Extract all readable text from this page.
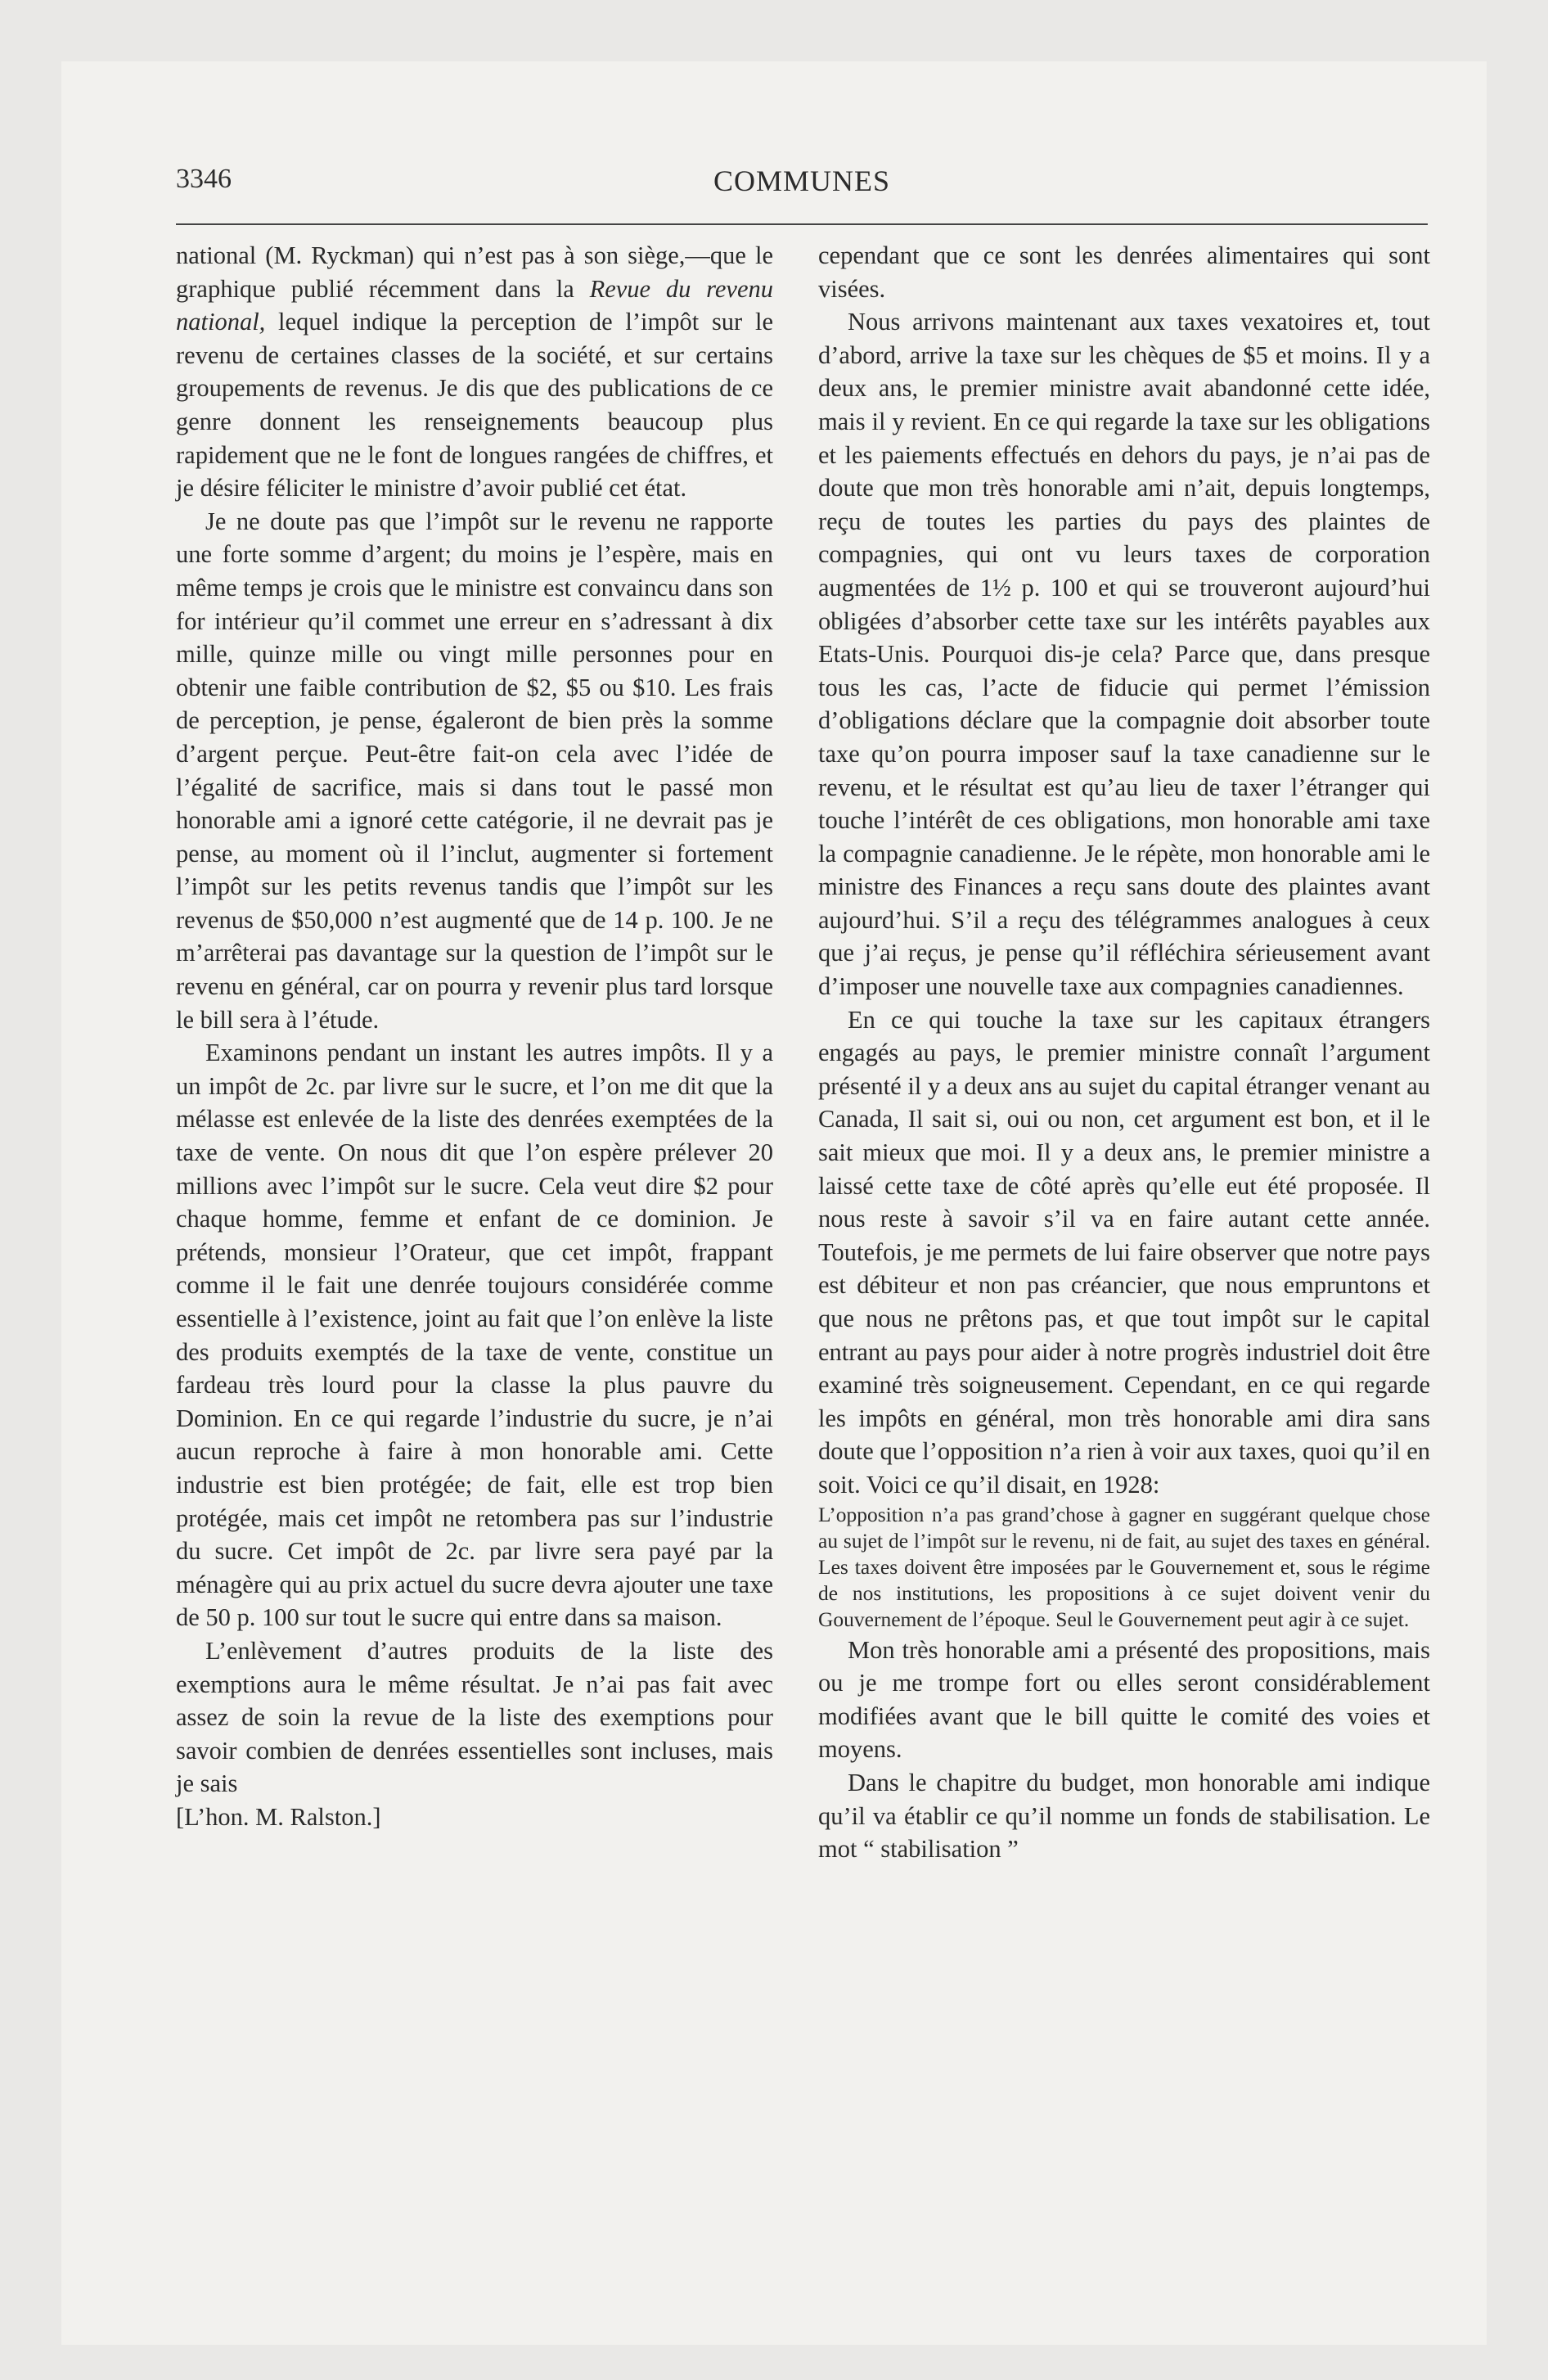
3346	COMMUNES

national (M. Ryckman) qui n’est pas à son siège,—que le graphique publié récemment dans la Revue du revenu national, lequel indique la perception de l’impôt sur le revenu de certaines classes de la société, et sur certains groupements de revenus. Je dis que des publications de ce genre donnent les renseignements beaucoup plus rapidement que ne le font de longues rangées de chiffres, et je désire féliciter le ministre d’avoir publié cet état.

Je ne doute pas que l’impôt sur le revenu ne rapporte une forte somme d’argent; du moins je l’espère, mais en même temps je crois que le ministre est convaincu dans son for intérieur qu’il commet une erreur en s’adressant à dix mille, quinze mille ou vingt mille personnes pour en obtenir une faible contribution de $2, $5 ou $10. Les frais de perception, je pense, égaleront de bien près la somme d’argent perçue. Peut-être fait-on cela avec l’idée de l’égalité de sacrifice, mais si dans tout le passé mon honorable ami a ignoré cette catégorie, il ne devrait pas je pense, au moment où il l’inclut, augmenter si fortement l’impôt sur les petits revenus tandis que l’impôt sur les revenus de $50,000 n’est augmenté que de 14 p. 100. Je ne m’arrêterai pas davantage sur la question de l’impôt sur le revenu en général, car on pourra y revenir plus tard lorsque le bill sera à l’étude.

Examinons pendant un instant les autres impôts. Il y a un impôt de 2c. par livre sur le sucre, et l’on me dit que la mélasse est enlevée de la liste des denrées exemptées de la taxe de vente. On nous dit que l’on espère prélever 20 millions avec l’impôt sur le sucre. Cela veut dire $2 pour chaque homme, femme et enfant de ce dominion. Je prétends, monsieur l’Orateur, que cet impôt, frappant comme il le fait une denrée toujours considérée comme essentielle à l’existence, joint au fait que l’on enlève la liste des produits exemptés de la taxe de vente, constitue un fardeau très lourd pour la classe la plus pauvre du Dominion. En ce qui regarde l’industrie du sucre, je n’ai aucun reproche à faire à mon honorable ami. Cette industrie est bien protégée; de fait, elle est trop bien protégée, mais cet impôt ne retombera pas sur l’industrie du sucre. Cet impôt de 2c. par livre sera payé par la ménagère qui au prix actuel du sucre devra ajouter une taxe de 50 p. 100 sur tout le sucre qui entre dans sa maison.

L’enlèvement d’autres produits de la liste des exemptions aura le même résultat. Je n’ai pas fait avec assez de soin la revue de la liste des exemptions pour savoir combien de denrées essentielles sont incluses, mais je sais

[L’hon. M. Ralston.]

cependant que ce sont les denrées alimentaires qui sont visées.

Nous arrivons maintenant aux taxes vexatoires et, tout d’abord, arrive la taxe sur les chèques de $5 et moins. Il y a deux ans, le premier ministre avait abandonné cette idée, mais il y revient. En ce qui regarde la taxe sur les obligations et les paiements effectués en dehors du pays, je n’ai pas de doute que mon très honorable ami n’ait, depuis longtemps, reçu de toutes les parties du pays des plaintes de compagnies, qui ont vu leurs taxes de corporation augmentées de 1½ p. 100 et qui se trouveront aujourd’hui obligées d’absorber cette taxe sur les intérêts payables aux Etats-Unis. Pourquoi dis-je cela? Parce que, dans presque tous les cas, l’acte de fiducie qui permet l’émission d’obligations déclare que la compagnie doit absorber toute taxe qu’on pourra imposer sauf la taxe canadienne sur le revenu, et le résultat est qu’au lieu de taxer l’étranger qui touche l’intérêt de ces obligations, mon honorable ami taxe la compagnie canadienne. Je le répète, mon honorable ami le ministre des Finances a reçu sans doute des plaintes avant aujourd’hui. S’il a reçu des télégrammes analogues à ceux que j’ai reçus, je pense qu’il réfléchira sérieusement avant d’imposer une nouvelle taxe aux compagnies canadiennes.

En ce qui touche la taxe sur les capitaux étrangers engagés au pays, le premier ministre connaît l’argument présenté il y a deux ans au sujet du capital étranger venant au Canada, Il sait si, oui ou non, cet argument est bon, et il le sait mieux que moi. Il y a deux ans, le premier ministre a laissé cette taxe de côté après qu’elle eut été proposée. Il nous reste à savoir s’il va en faire autant cette année. Toutefois, je me permets de lui faire observer que notre pays est débiteur et non pas créancier, que nous empruntons et que nous ne prêtons pas, et que tout impôt sur le capital entrant au pays pour aider à notre progrès industriel doit être examiné très soigneusement. Cependant, en ce qui regarde les impôts en général, mon très honorable ami dira sans doute que l’opposition n’a rien à voir aux taxes, quoi qu’il en soit. Voici ce qu’il disait, en 1928:

L’opposition n’a pas grand’chose à gagner en suggérant quelque chose au sujet de l’impôt sur le revenu, ni de fait, au sujet des taxes en général. Les taxes doivent être imposées par le Gouvernement et, sous le régime de nos institutions, les propositions à ce sujet doivent venir du Gouvernement de l’époque. Seul le Gouvernement peut agir à ce sujet.

Mon très honorable ami a présenté des propositions, mais ou je me trompe fort ou elles seront considérablement modifiées avant que le bill quitte le comité des voies et moyens.

Dans le chapitre du budget, mon honorable ami indique qu’il va établir ce qu’il nomme un fonds de stabilisation. Le mot “ stabilisation ”
